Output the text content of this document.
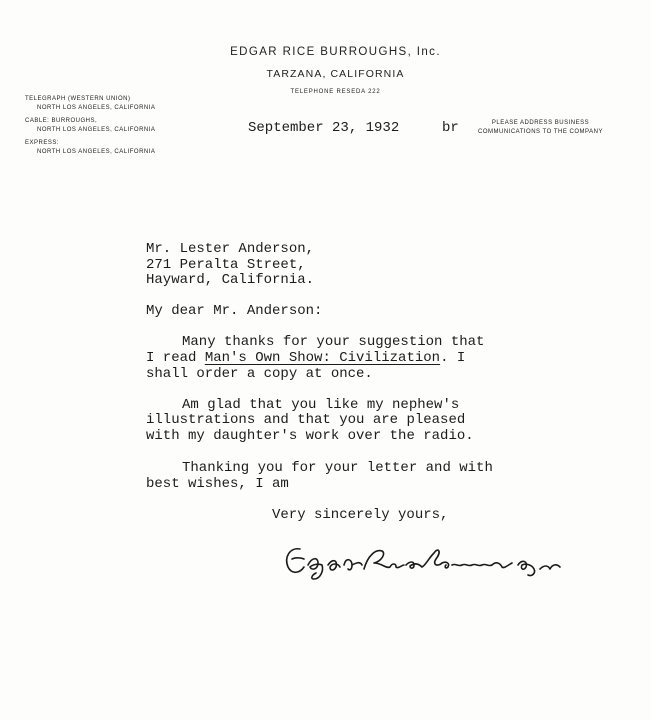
EDGAR RICE BURROUGHS, Inc.
TARZANA, CALIFORNIA
TELEPHONE RESEDA 222
TELEGRAPH (WESTERN UNION)
NORTH LOS ANGELES, CALIFORNIA
CABLE: BURROUGHS,
NORTH LOS ANGELES, CALIFORNIA
EXPRESS:
NORTH LOS ANGELES, CALIFORNIA
PLEASE ADDRESS BUSINESS
COMMUNICATIONS TO THE COMPANY
September 23, 1932	br
Mr. Lester Anderson,
271 Peralta Street,
Hayward, California.
My dear Mr. Anderson:
Many thanks for your suggestion that
I read Man's Own Show: Civilization. I
shall order a copy at once.
Am glad that you like my nephew's
illustrations and that you are pleased
with my daughter's work over the radio.
Thanking you for your letter and with
best wishes, I am
Very sincerely yours,
